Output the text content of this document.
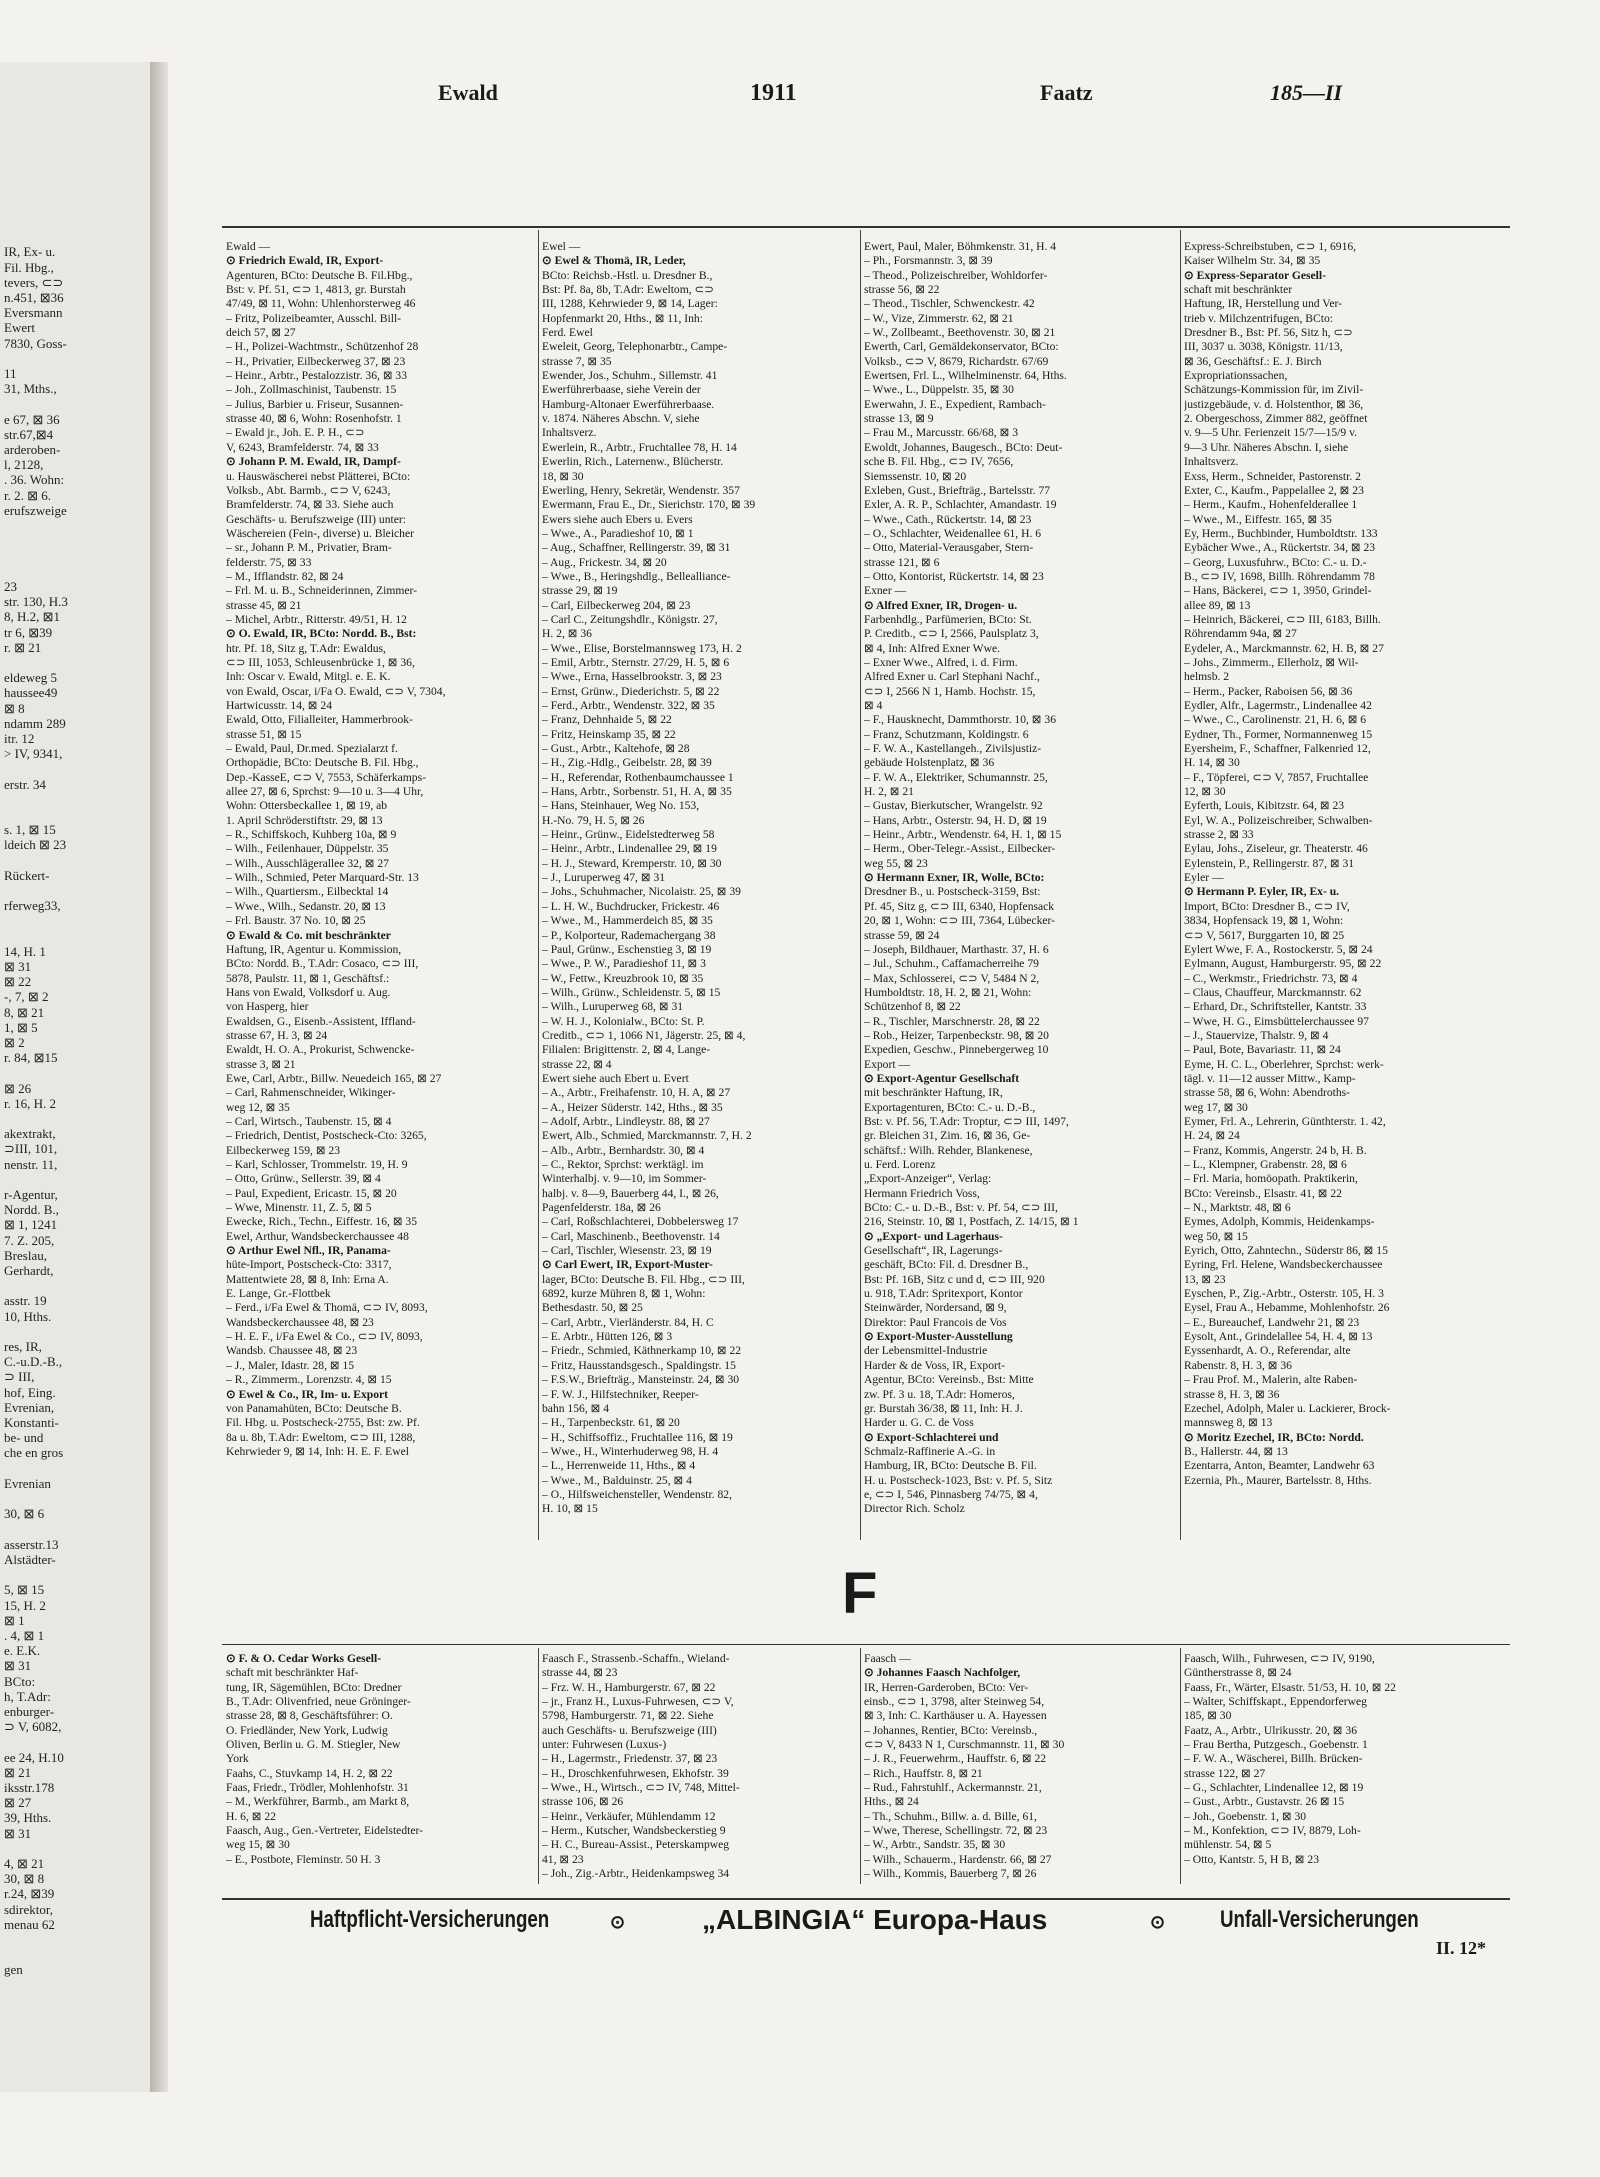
IR, Ex- u.
Fil. Hbg.,
tevers, ⊂⊃
n.451, ⊠36
Eversmann
Ewert
7830, Goss-

11
31, Mths.,

e 67, ⊠ 36
str.67,⊠4
arderoben-
l, 2128,
. 36. Wohn:
r. 2. ⊠ 6.
erufszweige

23
str. 130, H.3
8, H.2, ⊠1
tr 6, ⊠39
r. ⊠ 21

eldeweg 5
haussee49
⊠ 8
ndamm 289
itr. 12
> IV, 9341,

erstr. 34

s. 1, ⊠ 15
ldeich ⊠ 23

Rückert-

rferweg33,

14, H. 1
⊠ 31
⊠ 22
-, 7, ⊠ 2
8, ⊠ 21
1, ⊠ 5
⊠ 2
r. 84, ⊠15

⊠ 26
r. 16, H. 2

akextrakt,
⊃III, 101,
nenstr. 11,

r-Agentur,
Nordd. B.,
⊠ 1, 1241
7. Z. 205,
Breslau,
Gerhardt,

asstr. 19
10, Hths.

res, IR,
C.-u.D.-B.,
⊃ III,
hof, Eing.
Evrenian,
Konstanti-
be- und
che en gros

Evrenian

30, ⊠ 6

asserstr.13
Alstädter-

5, ⊠ 15
15, H. 2
⊠ 1
. 4, ⊠ 1
e. E.K.
⊠ 31
BCto:
h, T.Adr:
enburger-
⊃ V, 6082,

ee 24, H.10
⊠ 21
iksstr.178
⊠ 27
39, Hths.
⊠ 31

4, ⊠ 21
30, ⊠ 8
r.24, ⊠39
sdirektor,
menau 62

gen
Ewald	1911	Faatz	185—II
Ewald —
⊙ Friedrich Ewald, IR, Export-
Agenturen, BCto: Deutsche B. Fil.Hbg.,
Bst: v. Pf. 51, ⊂⊃ 1, 4813, gr. Burstah
47/49, ⊠ 11, Wohn: Uhlenhorsterweg 46
– Fritz, Polizeibeamter, Ausschl. Bill-
deich 57, ⊠ 27
– H., Polizei-Wachtmstr., Schützenhof 28
– H., Privatier, Eilbeckerweg 37, ⊠ 23
– Heinr., Arbtr., Pestalozzistr. 36, ⊠ 33
– Joh., Zollmaschinist, Taubenstr. 15
– Julius, Barbier u. Friseur, Susannen-
strasse 40, ⊠ 6, Wohn: Rosenhofstr. 1
– Ewald jr., Joh. E. P. H., ⊂⊃
V, 6243, Bramfelderstr. 74, ⊠ 33
⊙ Johann P. M. Ewald, IR, Dampf-
u. Hauswäscherei nebst Plätterei, BCto:
Volksb., Abt. Barmb., ⊂⊃ V, 6243,
Bramfelderstr. 74, ⊠ 33. Siehe auch
Geschäfts- u. Berufszweige (III) unter:
Wäschereien (Fein-, diverse) u. Bleicher
– sr., Johann P. M., Privatier, Bram-
felderstr. 75, ⊠ 33
– M., Ifflandstr. 82, ⊠ 24
– Frl. M. u. B., Schneiderinnen, Zimmer-
strasse 45, ⊠ 21
– Michel, Arbtr., Ritterstr. 49/51, H. 12
⊙ O. Ewald, IR, BCto: Nordd. B., Bst:
htr. Pf. 18, Sitz g, T.Adr: Ewaldus,
⊂⊃ III, 1053, Schleusenbrücke 1, ⊠ 36,
Inh: Oscar v. Ewald, Mitgl. e. E. K.
von Ewald, Oscar, i/Fa O. Ewald, ⊂⊃ V, 7304,
Hartwicusstr. 14, ⊠ 24
Ewald, Otto, Filialleiter, Hammerbrook-
strasse 51, ⊠ 15
– Ewald, Paul, Dr.med. Spezialarzt f.
Orthopädie, BCto: Deutsche B. Fil. Hbg.,
Dep.-KasseE, ⊂⊃ V, 7553, Schäferkamps-
allee 27, ⊠ 6, Sprchst: 9—10 u. 3—4 Uhr,
Wohn: Ottersbeckallee 1, ⊠ 19, ab
1. April Schröderstiftstr. 29, ⊠ 13
– R., Schiffskoch, Kuhberg 10a, ⊠ 9
– Wilh., Feilenhauer, Düppelstr. 35
– Wilh., Ausschlägerallee 32, ⊠ 27
– Wilh., Schmied, Peter Marquard-Str. 13
– Wilh., Quartiersm., Eilbecktal 14
– Wwe., Wilh., Sedanstr. 20, ⊠ 13
– Frl. Baustr. 37 No. 10, ⊠ 25
⊙ Ewald & Co. mit beschränkter
Haftung, IR, Agentur u. Kommission,
BCto: Nordd. B., T.Adr: Cosaco, ⊂⊃ III,
5878, Paulstr. 11, ⊠ 1, Geschäftsf.:
Hans von Ewald, Volksdorf u. Aug.
von Hasperg, hier
Ewaldsen, G., Eisenb.-Assistent, Iffland-
strasse 67, H. 3, ⊠ 24
Ewaldt, H. O. A., Prokurist, Schwencke-
strasse 3, ⊠ 21
Ewe, Carl, Arbtr., Billw. Neuedeich 165, ⊠ 27
– Carl, Rahmenschneider, Wikinger-
weg 12, ⊠ 35
– Carl, Wirtsch., Taubenstr. 15, ⊠ 4
– Friedrich, Dentist, Postscheck-Cto: 3265,
Eilbeckerweg 159, ⊠ 23
– Karl, Schlosser, Trommelstr. 19, H. 9
– Otto, Grünw., Sellerstr. 39, ⊠ 4
– Paul, Expedient, Ericastr. 15, ⊠ 20
– Wwe, Minenstr. 11, Z. 5, ⊠ 5
Ewecke, Rich., Techn., Eiffestr. 16, ⊠ 35
Ewel, Arthur, Wandsbeckerchaussee 48
⊙ Arthur Ewel Nfl., IR, Panama-
hüte-Import, Postscheck-Cto: 3317,
Mattentwiete 28, ⊠ 8, Inh: Erna A.
E. Lange, Gr.-Flottbek
– Ferd., i/Fa Ewel & Thomä, ⊂⊃ IV, 8093,
Wandsbeckerchaussee 48, ⊠ 23
– H. E. F., i/Fa Ewel & Co., ⊂⊃ IV, 8093,
Wandsb. Chaussee 48, ⊠ 23
– J., Maler, Idastr. 28, ⊠ 15
– R., Zimmerm., Lorenzstr. 4, ⊠ 15
⊙ Ewel & Co., IR, Im- u. Export
von Panamahüten, BCto: Deutsche B.
Fil. Hbg. u. Postscheck-2755, Bst: zw. Pf.
8a u. 8b, T.Adr: Eweltom, ⊂⊃ III, 1288,
Kehrwieder 9, ⊠ 14, Inh: H. E. F. Ewel
Ewel —
⊙ Ewel & Thomä, IR, Leder,
BCto: Reichsb.-Hstl. u. Dresdner B.,
Bst: Pf. 8a, 8b, T.Adr: Eweltom, ⊂⊃
III, 1288, Kehrwieder 9, ⊠ 14, Lager:
Hopfenmarkt 20, Hths., ⊠ 11, Inh:
Ferd. Ewel
Eweleit, Georg, Telephonarbtr., Campe-
strasse 7, ⊠ 35
Ewender, Jos., Schuhm., Sillemstr. 41
Ewerführerbaase, siehe Verein der
Hamburg-Altonaer Ewerführerbaase.
v. 1874. Näheres Abschn. V, siehe
Inhaltsverz.
Ewerlein, R., Arbtr., Fruchtallee 78, H. 14
Ewerlin, Rich., Laternenw., Blücherstr.
18, ⊠ 30
Ewerling, Henry, Sekretär, Wendenstr. 357
Ewermann, Frau E., Dr., Sierichstr. 170, ⊠ 39
Ewers siehe auch Ebers u. Evers
– Wwe., A., Paradieshof 10, ⊠ 1
– Aug., Schaffner, Rellingerstr. 39, ⊠ 31
– Aug., Frickestr. 34, ⊠ 20
– Wwe., B., Heringshdlg., Bellealliance-
strasse 29, ⊠ 19
– Carl, Eilbeckerweg 204, ⊠ 23
– Carl C., Zeitungshdlr., Königstr. 27,
H. 2, ⊠ 36
– Wwe., Elise, Borstelmannsweg 173, H. 2
– Emil, Arbtr., Sternstr. 27/29, H. 5, ⊠ 6
– Wwe., Erna, Hasselbrookstr. 3, ⊠ 23
– Ernst, Grünw., Diederichstr. 5, ⊠ 22
– Ferd., Arbtr., Wendenstr. 322, ⊠ 35
– Franz, Dehnhaide 5, ⊠ 22
– Fritz, Heinskamp 35, ⊠ 22
– Gust., Arbtr., Kaltehofe, ⊠ 28
– H., Zig.-Hdlg., Geibelstr. 28, ⊠ 39
– H., Referendar, Rothenbaumchaussee 1
– Hans, Arbtr., Sorbenstr. 51, H. A, ⊠ 35
– Hans, Steinhauer, Weg No. 153,
H.-No. 79, H. 5, ⊠ 26
– Heinr., Grünw., Eidelstedterweg 58
– Heinr., Arbtr., Lindenallee 29, ⊠ 19
– H. J., Steward, Kremperstr. 10, ⊠ 30
– J., Luruperweg 47, ⊠ 31
– Johs., Schuhmacher, Nicolaistr. 25, ⊠ 39
– L. H. W., Buchdrucker, Frickestr. 46
– Wwe., M., Hammerdeich 85, ⊠ 35
– P., Kolporteur, Rademachergang 38
– Paul, Grünw., Eschenstieg 3, ⊠ 19
– Wwe., P. W., Paradieshof 11, ⊠ 3
– W., Fettw., Kreuzbrook 10, ⊠ 35
– Wilh., Grünw., Schleidenstr. 5, ⊠ 15
– Wilh., Luruperweg 68, ⊠ 31
– W. H. J., Kolonialw., BCto: St. P.
Creditb., ⊂⊃ 1, 1066 N1, Jägerstr. 25, ⊠ 4,
Filialen: Brigittenstr. 2, ⊠ 4, Lange-
strasse 22, ⊠ 4
Ewert siehe auch Ebert u. Evert
– A., Arbtr., Freihafenstr. 10, H. A, ⊠ 27
– A., Heizer Süderstr. 142, Hths., ⊠ 35
– Adolf, Arbtr., Lindleystr. 88, ⊠ 27
Ewert, Alb., Schmied, Marckmannstr. 7, H. 2
– Alb., Arbtr., Bernhardstr. 30, ⊠ 4
– C., Rektor, Sprchst: werktägl. im
Winterhalbj. v. 9—10, im Sommer-
halbj. v. 8—9, Bauerberg 44, I., ⊠ 26,
Pagenfelderstr. 18a, ⊠ 26
– Carl, Roßschlachterei, Dobbelersweg 17
– Carl, Maschinenb., Beethovenstr. 14
– Carl, Tischler, Wiesenstr. 23, ⊠ 19
⊙ Carl Ewert, IR, Export-Muster-
lager, BCto: Deutsche B. Fil. Hbg., ⊂⊃ III,
6892, kurze Mühren 8, ⊠ 1, Wohn:
Bethesdastr. 50, ⊠ 25
– Carl, Arbtr., Vierländerstr. 84, H. C
– E. Arbtr., Hütten 126, ⊠ 3
– Friedr., Schmied, Käthnerkamp 10, ⊠ 22
– Fritz, Hausstandsgesch., Spaldingstr. 15
– F.S.W., Briefträg., Mansteinstr. 24, ⊠ 30
– F. W. J., Hilfstechniker, Reeper-
bahn 156, ⊠ 4
– H., Tarpenbeckstr. 61, ⊠ 20
– H., Schiffsoffiz., Fruchtallee 116, ⊠ 19
– Wwe., H., Winterhuderweg 98, H. 4
– L., Herrenweide 11, Hths., ⊠ 4
– Wwe., M., Balduinstr. 25, ⊠ 4
– O., Hilfsweichensteller, Wendenstr. 82,
H. 10, ⊠ 15
Ewert, Paul, Maler, Böhmkenstr. 31, H. 4
– Ph., Forsmannstr. 3, ⊠ 39
– Theod., Polizeischreiber, Wohldorfer-
strasse 56, ⊠ 22
– Theod., Tischler, Schwenckestr. 42
– W., Vize, Zimmerstr. 62, ⊠ 21
– W., Zollbeamt., Beethovenstr. 30, ⊠ 21
Ewerth, Carl, Gemäldekonservator, BCto:
Volksb., ⊂⊃ V, 8679, Richardstr. 67/69
Ewertsen, Frl. L., Wilhelminenstr. 64, Hths.
– Wwe., L., Düppelstr. 35, ⊠ 30
Ewerwahn, J. E., Expedient, Rambach-
strasse 13, ⊠ 9
– Frau M., Marcusstr. 66/68, ⊠ 3
Ewoldt, Johannes, Baugesch., BCto: Deut-
sche B. Fil. Hbg., ⊂⊃ IV, 7656,
Siemssenstr. 10, ⊠ 20
Exleben, Gust., Briefträg., Bartelsstr. 77
Exler, A. R. P., Schlachter, Amandastr. 19
– Wwe., Cath., Rückertstr. 14, ⊠ 23
– O., Schlachter, Weidenallee 61, H. 6
– Otto, Material-Verausgaber, Stern-
strasse 121, ⊠ 6
– Otto, Kontorist, Rückertstr. 14, ⊠ 23
Exner —
⊙ Alfred Exner, IR, Drogen- u.
Farbenhdlg., Parfümerien, BCto: St.
P. Creditb., ⊂⊃ I, 2566, Paulsplatz 3,
⊠ 4, Inh: Alfred Exner Wwe.
– Exner Wwe., Alfred, i. d. Firm.
Alfred Exner u. Carl Stephani Nachf.,
⊂⊃ I, 2566 N 1, Hamb. Hochstr. 15,
⊠ 4
– F., Hausknecht, Dammthorstr. 10, ⊠ 36
– Franz, Schutzmann, Koldingstr. 6
– F. W. A., Kastellangeh., Zivilsjustiz-
gebäude Holstenplatz, ⊠ 36
– F. W. A., Elektriker, Schumannstr. 25,
H. 2, ⊠ 21
– Gustav, Bierkutscher, Wrangelstr. 92
– Hans, Arbtr., Osterstr. 94, H. D, ⊠ 19
– Heinr., Arbtr., Wendenstr. 64, H. 1, ⊠ 15
– Herm., Ober-Telegr.-Assist., Eilbecker-
weg 55, ⊠ 23
⊙ Hermann Exner, IR, Wolle, BCto:
Dresdner B., u. Postscheck-3159, Bst:
Pf. 45, Sitz g, ⊂⊃ III, 6340, Hopfensack
20, ⊠ 1, Wohn: ⊂⊃ III, 7364, Lübecker-
strasse 59, ⊠ 24
– Joseph, Bildhauer, Marthastr. 37, H. 6
– Jul., Schuhm., Caffamacherreihe 79
– Max, Schlosserei, ⊂⊃ V, 5484 N 2,
Humboldtstr. 18, H. 2, ⊠ 21, Wohn:
Schützenhof 8, ⊠ 22
– R., Tischler, Marschnerstr. 28, ⊠ 22
– Rob., Heizer, Tarpenbeckstr. 98, ⊠ 20
Expedien, Geschw., Pinnebergerweg 10
Export —
⊙ Export-Agentur Gesellschaft
mit beschränkter Haftung, IR,
Exportagenturen, BCto: C.- u. D.-B.,
Bst: v. Pf. 56, T.Adr: Troptur, ⊂⊃ III, 1497,
gr. Bleichen 31, Zim. 16, ⊠ 36, Ge-
schäftsf.: Wilh. Rehder, Blankenese,
u. Ferd. Lorenz
„Export-Anzeiger“, Verlag:
Hermann Friedrich Voss,
BCto: C.- u. D.-B., Bst: v. Pf. 54, ⊂⊃ III,
216, Steinstr. 10, ⊠ 1, Postfach, Z. 14/15, ⊠ 1
⊙ „Export- und Lagerhaus-
Gesellschaft“, IR, Lagerungs-
geschäft, BCto: Fil. d. Dresdner B.,
Bst: Pf. 16B, Sitz c und d, ⊂⊃ III, 920
u. 918, T.Adr: Spritexport, Kontor
Steinwärder, Nordersand, ⊠ 9,
Direktor: Paul Francois de Vos
⊙ Export-Muster-Ausstellung
der Lebensmittel-Industrie
Harder & de Voss, IR, Export-
Agentur, BCto: Vereinsb., Bst: Mitte
zw. Pf. 3 u. 18, T.Adr: Homeros,
gr. Burstah 36/38, ⊠ 11, Inh: H. J.
Harder u. G. C. de Voss
⊙ Export-Schlachterei und
Schmalz-Raffinerie A.-G. in
Hamburg, IR, BCto: Deutsche B. Fil.
H. u. Postscheck-1023, Bst: v. Pf. 5, Sitz
e, ⊂⊃ I, 546, Pinnasberg 74/75, ⊠ 4,
Director Rich. Scholz
Express-Schreibstuben, ⊂⊃ 1, 6916,
Kaiser Wilhelm Str. 34, ⊠ 35
⊙ Express-Separator Gesell-
schaft mit beschränkter
Haftung, IR, Herstellung und Ver-
trieb v. Milchzentrifugen, BCto:
Dresdner B., Bst: Pf. 56, Sitz h, ⊂⊃
III, 3037 u. 3038, Königstr. 11/13,
⊠ 36, Geschäftsf.: E. J. Birch
Expropriationssachen,
Schätzungs-Kommission für, im Zivil-
justizgebäude, v. d. Holstenthor, ⊠ 36,
2. Obergeschoss, Zimmer 882, geöffnet
v. 9—5 Uhr. Ferienzeit 15/7—15/9 v.
9—3 Uhr. Näheres Abschn. I, siehe
Inhaltsverz.
Exss, Herm., Schneider, Pastorenstr. 2
Exter, C., Kaufm., Pappelallee 2, ⊠ 23
– Herm., Kaufm., Hohenfelderallee 1
– Wwe., M., Eiffestr. 165, ⊠ 35
Ey, Herm., Buchbinder, Humboldtstr. 133
Eybächer Wwe., A., Rückertstr. 34, ⊠ 23
– Georg, Luxusfuhrw., BCto: C.- u. D.-
B., ⊂⊃ IV, 1698, Billh. Röhrendamm 78
– Hans, Bäckerei, ⊂⊃ 1, 3950, Grindel-
allee 89, ⊠ 13
– Heinrich, Bäckerei, ⊂⊃ III, 6183, Billh.
Röhrendamm 94a, ⊠ 27
Eydeler, A., Marckmannstr. 62, H. B, ⊠ 27
– Johs., Zimmerm., Ellerholz, ⊠ Wil-
helmsb. 2
– Herm., Packer, Raboisen 56, ⊠ 36
Eydler, Alfr., Lagermstr., Lindenallee 42
– Wwe., C., Carolinenstr. 21, H. 6, ⊠ 6
Eydner, Th., Former, Normannenweg 15
Eyersheim, F., Schaffner, Falkenried 12,
H. 14, ⊠ 30
– F., Töpferei, ⊂⊃ V, 7857, Fruchtallee
12, ⊠ 30
Eyferth, Louis, Kibitzstr. 64, ⊠ 23
Eyl, W. A., Polizeischreiber, Schwalben-
strasse 2, ⊠ 33
Eylau, Johs., Ziseleur, gr. Theaterstr. 46
Eylenstein, P., Rellingerstr. 87, ⊠ 31
Eyler —
⊙ Hermann P. Eyler, IR, Ex- u.
Import, BCto: Dresdner B., ⊂⊃ IV,
3834, Hopfensack 19, ⊠ 1, Wohn:
⊂⊃ V, 5617, Burggarten 10, ⊠ 25
Eylert Wwe, F. A., Rostockerstr. 5, ⊠ 24
Eylmann, August, Hamburgerstr. 95, ⊠ 22
– C., Werkmstr., Friedrichstr. 73, ⊠ 4
– Claus, Chauffeur, Marckmannstr. 62
– Erhard, Dr., Schriftsteller, Kantstr. 33
– Wwe, H. G., Eimsbüttelerchaussee 97
– J., Stauervize, Thalstr. 9, ⊠ 4
– Paul, Bote, Bavariastr. 11, ⊠ 24
Eyme, H. C. L., Oberlehrer, Sprchst: werk-
tägl. v. 11—12 ausser Mittw., Kamp-
strasse 58, ⊠ 6, Wohn: Abendroths-
weg 17, ⊠ 30
Eymer, Frl. A., Lehrerin, Günthterstr. 1. 42,
H. 24, ⊠ 24
– Franz, Kommis, Angerstr. 24 b, H. B.
– L., Klempner, Grabenstr. 28, ⊠ 6
– Frl. Maria, homöopath. Praktikerin,
BCto: Vereinsb., Elsastr. 41, ⊠ 22
– N., Marktstr. 48, ⊠ 6
Eymes, Adolph, Kommis, Heidenkamps-
weg 50, ⊠ 15
Eyrich, Otto, Zahntechn., Süderstr 86, ⊠ 15
Eyring, Frl. Helene, Wandsbeckerchaussee
13, ⊠ 23
Eyschen, P., Zig.-Arbtr., Osterstr. 105, H. 3
Eysel, Frau A., Hebamme, Mohlenhofstr. 26
– E., Bureauchef, Landwehr 21, ⊠ 23
Eysolt, Ant., Grindelallee 54, H. 4, ⊠ 13
Eyssenhardt, A. O., Referendar, alte
Rabenstr. 8, H. 3, ⊠ 36
– Frau Prof. M., Malerin, alte Raben-
strasse 8, H. 3, ⊠ 36
Ezechel, Adolph, Maler u. Lackierer, Brock-
mannsweg 8, ⊠ 13
⊙ Moritz Ezechel, IR, BCto: Nordd.
B., Hallerstr. 44, ⊠ 13
Ezentarra, Anton, Beamter, Landwehr 63
Ezernia, Ph., Maurer, Bartelsstr. 8, Hths.
F
⊙ F. & O. Cedar Works Gesell-
schaft mit beschränkter Haf-
tung, IR, Sägemühlen, BCto: Dredner
B., T.Adr: Olivenfried, neue Gröninger-
strasse 28, ⊠ 8, Geschäftsführer: O.
O. Friedländer, New York, Ludwig
Oliven, Berlin u. G. M. Stiegler, New
York
Faahs, C., Stuvkamp 14, H. 2, ⊠ 22
Faas, Friedr., Trödler, Mohlenhofstr. 31
– M., Werkführer, Barmb., am Markt 8,
H. 6, ⊠ 22
Faasch, Aug., Gen.-Vertreter, Eidelstedter-
weg 15, ⊠ 30
– E., Postbote, Fleminstr. 50 H. 3
Faasch F., Strassenb.-Schaffn., Wieland-
strasse 44, ⊠ 23
– Frz. W. H., Hamburgerstr. 67, ⊠ 22
– jr., Franz H., Luxus-Fuhrwesen, ⊂⊃ V,
5798, Hamburgerstr. 71, ⊠ 22. Siehe
auch Geschäfts- u. Berufszweige (III)
unter: Fuhrwesen (Luxus-)
– H., Lagermstr., Friedenstr. 37, ⊠ 23
– H., Droschkenfuhrwesen, Ekhofstr. 39
– Wwe., H., Wirtsch., ⊂⊃ IV, 748, Mittel-
strasse 106, ⊠ 26
– Heinr., Verkäufer, Mühlendamm 12
– Herm., Kutscher, Wandsbeckerstieg 9
– H. C., Bureau-Assist., Peterskampweg
41, ⊠ 23
– Joh., Zig.-Arbtr., Heidenkampsweg 34
Faasch —
⊙ Johannes Faasch Nachfolger,
IR, Herren-Garderoben, BCto: Ver-
einsb., ⊂⊃ 1, 3798, alter Steinweg 54,
⊠ 3, Inh: C. Karthäuser u. A. Hayessen
– Johannes, Rentier, BCto: Vereinsb.,
⊂⊃ V, 8433 N 1, Curschmannstr. 11, ⊠ 30
– J. R., Feuerwehrm., Hauffstr. 6, ⊠ 22
– Rich., Hauffstr. 8, ⊠ 21
– Rud., Fahrstuhlf., Ackermannstr. 21,
Hths., ⊠ 24
– Th., Schuhm., Billw. a. d. Bille, 61,
– Wwe, Therese, Schellingstr. 72, ⊠ 23
– W., Arbtr., Sandstr. 35, ⊠ 30
– Wilh., Schauerm., Hardenstr. 66, ⊠ 27
– Wilh., Kommis, Bauerberg 7, ⊠ 26
Faasch, Wilh., Fuhrwesen, ⊂⊃ IV, 9190,
Güntherstrasse 8, ⊠ 24
Faass, Fr., Wärter, Elsastr. 51/53, H. 10, ⊠ 22
– Walter, Schiffskapt., Eppendorferweg
185, ⊠ 30
Faatz, A., Arbtr., Ulrikusstr. 20, ⊠ 36
– Frau Bertha, Putzgesch., Goebenstr. 1
– F. W. A., Wäscherei, Billh. Brücken-
strasse 122, ⊠ 27
– G., Schlachter, Lindenallee 12, ⊠ 19
– Gust., Arbtr., Gustavstr. 26 ⊠ 15
– Joh., Goebenstr. 1, ⊠ 30
– M., Konfektion, ⊂⊃ IV, 8879, Loh-
mühlenstr. 54, ⊠ 5
– Otto, Kantstr. 5, H B, ⊠ 23
Haftpflicht-Versicherungen	⊙	„ALBINGIA“ Europa-Haus	⊙ Unfall-Versicherungen
II. 12*
